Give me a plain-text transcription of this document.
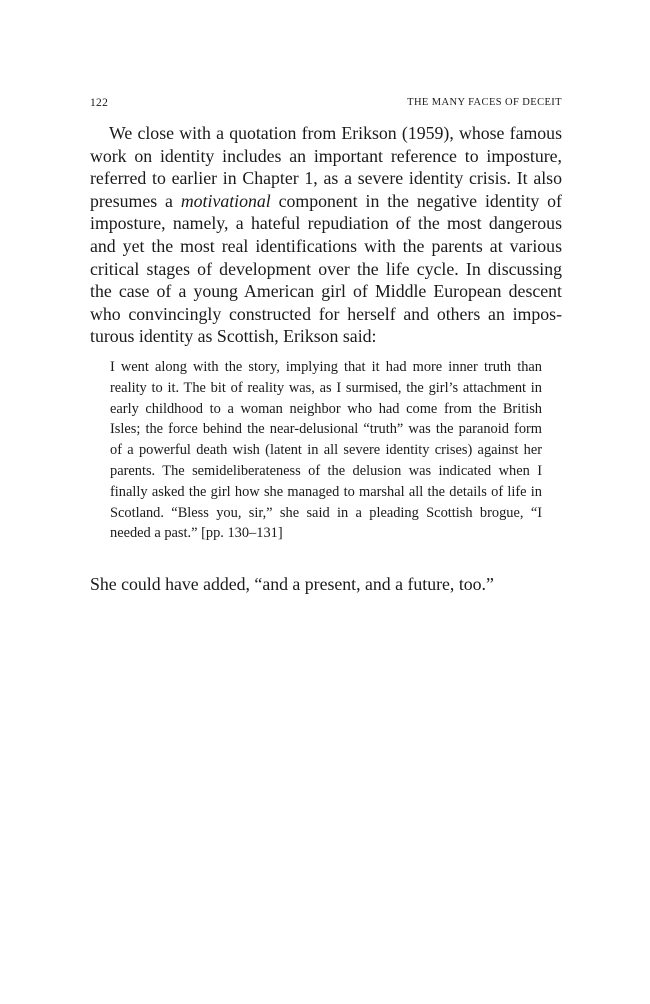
122	THE MANY FACES OF DECEIT

We close with a quotation from Erikson (1959), whose famous work on identity includes an important reference to imposture, referred to earlier in Chapter 1, as a severe identity crisis. It also presumes a motivational component in the negative identity of imposture, namely, a hateful repudiation of the most dangerous and yet the most real identifications with the parents at various critical stages of development over the life cycle. In discussing the case of a young American girl of Middle European descent who convincingly constructed for herself and others an imposturous identity as Scottish, Erikson said:

I went along with the story, implying that it had more inner truth than reality to it. The bit of reality was, as I surmised, the girl’s attachment in early childhood to a woman neighbor who had come from the British Isles; the force behind the near-delusional “truth” was the paranoid form of a powerful death wish (latent in all severe identity crises) against her parents. The semideliberateness of the delusion was indicated when I finally asked the girl how she managed to marshal all the details of life in Scotland. “Bless you, sir,” she said in a pleading Scottish brogue, “I needed a past.” [pp. 130–131]

She could have added, “and a present, and a future, too.”
